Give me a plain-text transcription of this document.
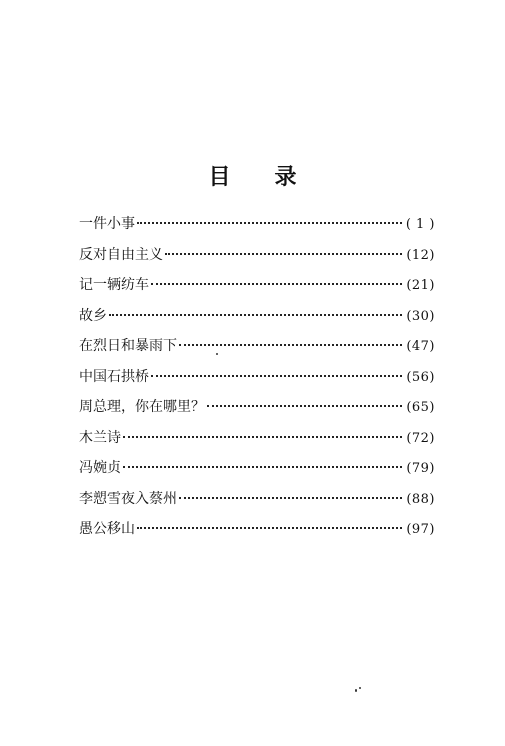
目 录
一件小事	( 1 )
反对自由主义	(12)
记一辆纺车	(21)
故乡	(30)
在烈日和暴雨下	(47)
中国石拱桥	(56)
周总理，你在哪里？	(65)
木兰诗	(72)
冯婉贞	(79)
李愬雪夜入蔡州	(88)
愚公移山	(97)
